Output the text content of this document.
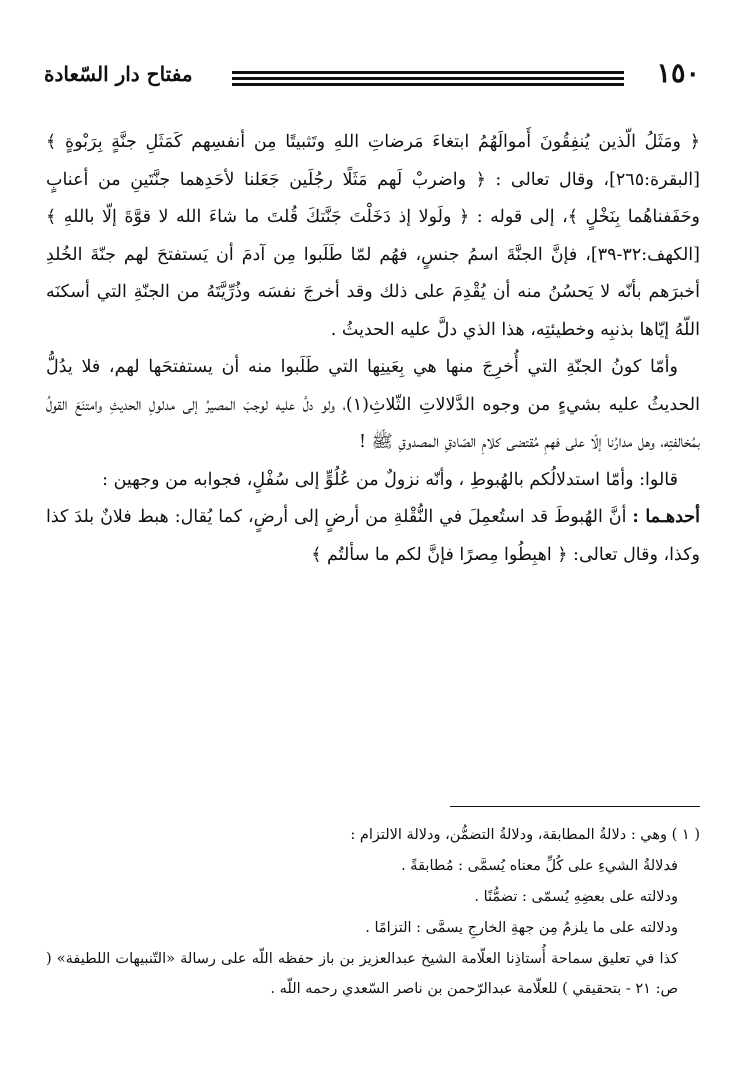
١٥٠
مفتاح دار السّعادة

﴿ ومَثَلُ الّذين يُنفِقُونَ أَموالَهُمُ ابتغاءَ مَرضاتِ اللهِ وتَثبيتًا مِن أنفسِهم كَمَثَلِ جنَّةٍ بِرَبْوةٍ ﴾ [البقرة:٢٦٥]، وقال تعالى : ﴿ واضربْ لَهم مَثَلًا رجُلَين جَعَلنا لأحَدِهما جنَّتَينِ من أعنابٍ وحَفَفناهُما بِنَخْلٍ ﴾، إلى قوله : ﴿ ولَولا إذ دَخَلْتَ جَنَّتكَ قُلتَ ما شاءَ الله لا قوَّةَ إلّا باللهِ ﴾ [الكهف:٣٢-٣٩]، فإنَّ الجنَّةَ اسمُ جنسٍ، فهُم لمّا طَلَبوا مِن آدمَ أن يَستفتحَ لهم جنّةَ الخُلدِ أخبرَهم بأنّه لا يَحسُنُ منه أن يُقْدِمَ على ذلك وقد أخرجَ نفسَه وذُرِّيَّتَهُ من الجنّةِ التي أسكنَه اللّهُ إيّاها بذنبِه وخطيئتِه، هذا الذي دلَّ عليه الحديثُ .

وأمّا كونُ الجنّةِ التي أُخرِجَ منها هي بِعَينِها التي طَلَبوا منه أن يستفتحَها لهم، فلا يدُلُّ الحديثُ عليه بشيءٍ من وجوه الدَّلالاتِ الثّلاثِ(١)، ولو دلَّ عليه لوجبَ المصيرُ إلى مدلولِ الحديثِ وامتنَعَ القولُ بمُخالفتِه، وهل مدارُنا إلّا على فهمِ مُقتضى كلامِ الصّادقِ المصدوقِ ﷺ !

قالوا: وأمّا استدلالُكم بالهُبوطِ ، وأنّه نزولٌ من عُلُوٍّ إلى سُفْلٍ، فجوابه من وجهين :

أحدهـما : أنَّ الهُبوطَ قد استُعمِلَ في النُّقْلةِ من أرضٍ إلى أرضٍ، كما يُقال: هبط فلانٌ بلدَ كذا وكذا، وقال تعالى: ﴿ اهبِطُوا مِصرًا فإنَّ لكم ما سألتُم ﴾

( ١ ) وهي : دلالةُ المطابقة، ودلالةُ التضمُّن، ودلالة الالتزام :

فدلالةُ الشيءِ على كُلِّ معناه يُسمَّى : مُطابقةً .

ودلالته على بعضِهِ يُسمّى : تضمُّنًا .

ودلالته على ما يلزمُ مِن جهةِ الخارجِ يسمَّى : التزامًا .

كذا في تعليق سماحة أُستاذِنا العلّامة الشيخ عبدالعزيز بن باز حفظه اللّه على رسالة «التّنبيهات اللطيفة» ( ص: ٢١ - بتحقيقي ) للعلّامة عبدالرّحمن بن ناصر السّعدي رحمه اللّه .
